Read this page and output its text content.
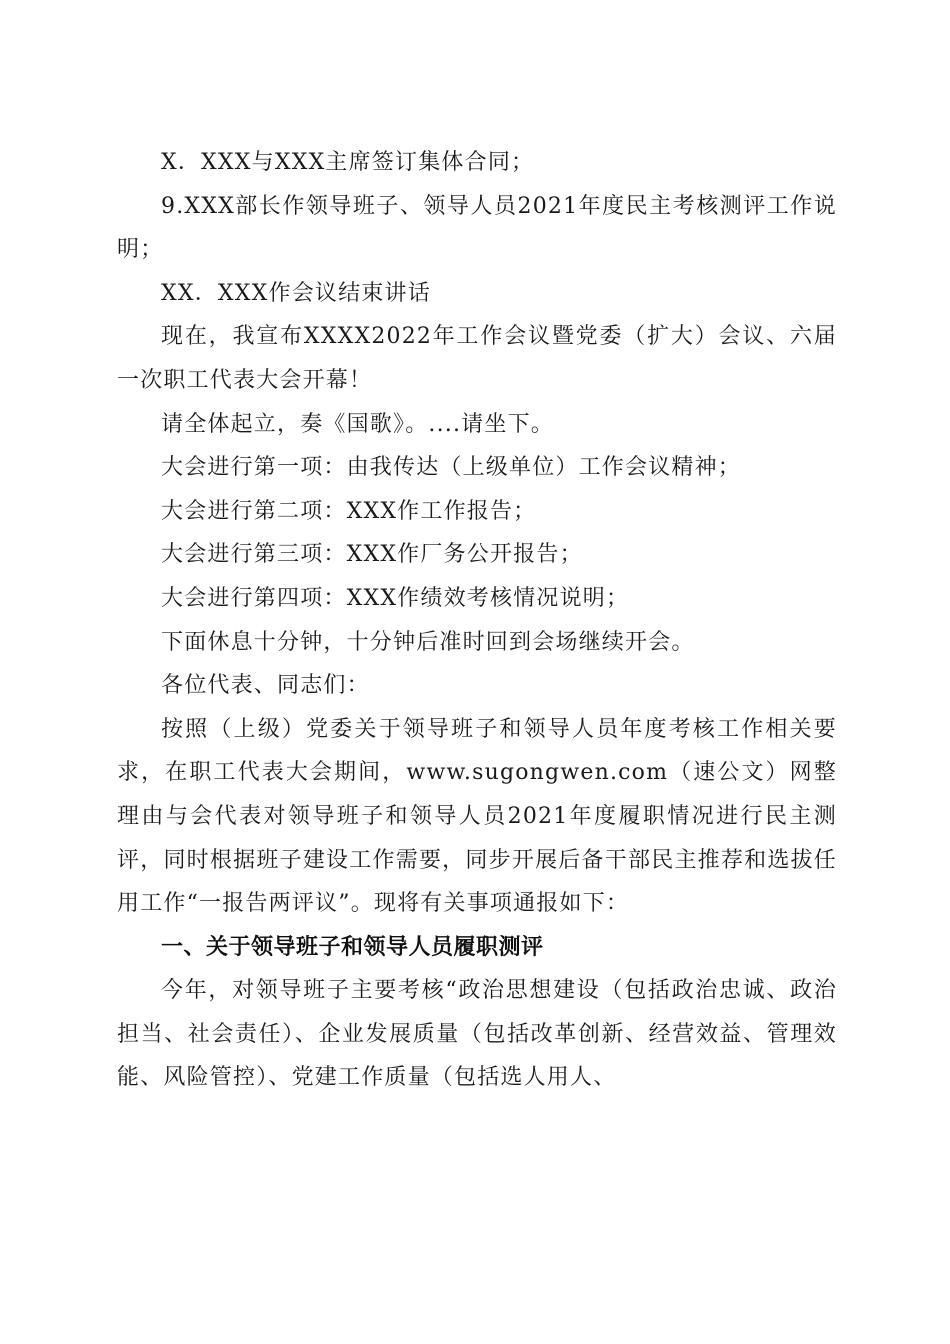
X．XXX与XXX主席签订集体合同；

9.XXX部长作领导班子、领导人员2021年度民主考核测评工作说明；

XX．XXX作会议结束讲话

现在，我宣布XXXX2022年工作会议暨党委（扩大）会议、六届一次职工代表大会开幕！

请全体起立，奏《国歌》。....请坐下。

大会进行第一项：由我传达（上级单位）工作会议精神；

大会进行第二项：XXX作工作报告；

大会进行第三项：XXX作厂务公开报告；

大会进行第四项：XXX作绩效考核情况说明；

下面休息十分钟，十分钟后准时回到会场继续开会。

各位代表、同志们：

按照（上级）党委关于领导班子和领导人员年度考核工作相关要求，在职工代表大会期间，www.sugongwen.com（速公文）网整理由与会代表对领导班子和领导人员2021年度履职情况进行民主测评，同时根据班子建设工作需要，同步开展后备干部民主推荐和选拔任用工作“一报告两评议”。现将有关事项通报如下：

一、关于领导班子和领导人员履职测评

今年，对领导班子主要考核“政治思想建设（包括政治忠诚、政治担当、社会责任）、企业发展质量（包括改革创新、经营效益、管理效能、风险管控）、党建工作质量（包括选人用人、
